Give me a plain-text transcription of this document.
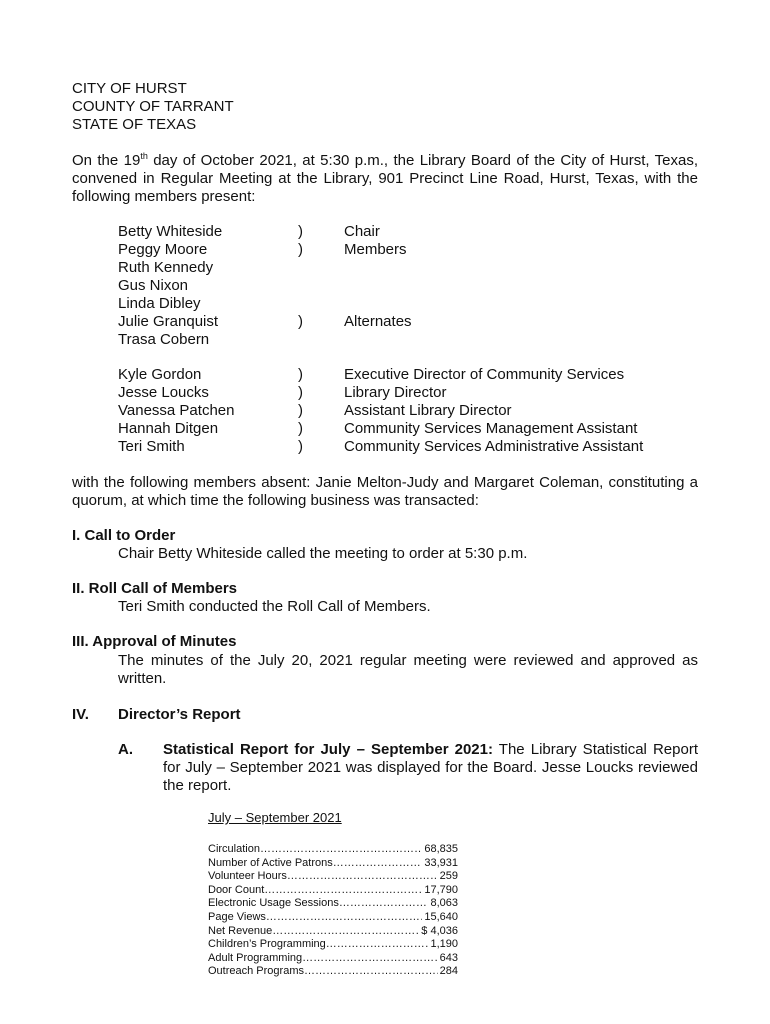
CITY OF HURST
COUNTY OF TARRANT
STATE OF TEXAS
On the 19th day of October 2021, at 5:30 p.m., the Library Board of the City of Hurst, Texas, convened in Regular Meeting at the Library, 901 Precinct Line Road, Hurst, Texas, with the following members present:
Betty Whiteside	)	Chair
Peggy Moore	)	Members
Ruth Kennedy
Gus Nixon
Linda Dibley
Julie Granquist	)	Alternates
Trasa Cobern
Kyle Gordon	)	Executive Director of Community Services
Jesse Loucks	)	Library Director
Vanessa Patchen	)	Assistant Library Director
Hannah Ditgen	)	Community Services Management Assistant
Teri Smith	)	Community Services Administrative Assistant
with the following members absent: Janie Melton-Judy and Margaret Coleman, constituting a quorum, at which time the following business was transacted:
I. Call to Order
Chair Betty Whiteside called the meeting to order at 5:30 p.m.
II. Roll Call of Members
Teri Smith conducted the Roll Call of Members.
III. Approval of Minutes
The minutes of the July 20, 2021 regular meeting were reviewed and approved as written.
IV. Director’s Report
A. Statistical Report for July – September 2021: The Library Statistical Report for July – September 2021 was displayed for the Board. Jesse Loucks reviewed the report.
July – September 2021
Circulation ……………………………………………………	68,835
Number of Active Patrons ……………………………………………………	33,931
Volunteer Hours ……………………………………………………	259
Door Count ……………………………………………………	17,790
Electronic Usage Sessions ……………………………………………………	8,063
Page Views ……………………………………………………	15,640
Net Revenue ……………………………………………………	$ 4,036
Children’s Programming ……………………………………………………	1,190
Adult Programming ……………………………………………………	643
Outreach Programs ……………………………………………………	284
